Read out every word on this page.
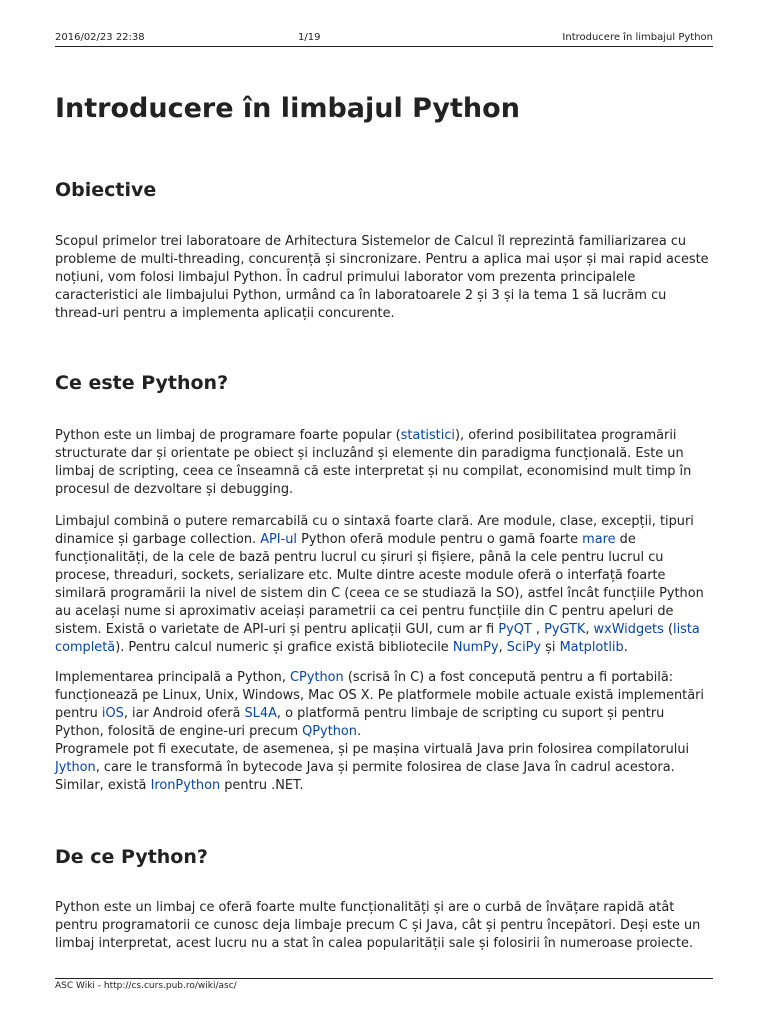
2016/02/23 22:38	1/19	Introducere în limbajul Python
Introducere în limbajul Python
Obiective

Scopul primelor trei laboratoare de Arhitectura Sistemelor de Calcul îl reprezintă familiarizarea cu probleme de multi-threading, concurență și sincronizare. Pentru a aplica mai ușor și mai rapid aceste noțiuni, vom folosi limbajul Python. În cadrul primului laborator vom prezenta principalele caracteristici ale limbajului Python, urmând ca în laboratoarele 2 și 3 și la tema 1 să lucrăm cu thread-uri pentru a implementa aplicații concurente.

Ce este Python?

Python este un limbaj de programare foarte popular (statistici), oferind posibilitatea programării structurate dar și orientate pe obiect și incluzând și elemente din paradigma funcțională. Este un limbaj de scripting, ceea ce înseamnă că este interpretat și nu compilat, economisind mult timp în procesul de dezvoltare și debugging.

Limbajul combină o putere remarcabilă cu o sintaxă foarte clară. Are module, clase, excepții, tipuri dinamice și garbage collection. API-ul Python oferă module pentru o gamă foarte mare de funcționalități, de la cele de bază pentru lucrul cu șiruri și fișiere, până la cele pentru lucrul cu procese, threaduri, sockets, serializare etc. Multe dintre aceste module oferă o interfață foarte similară programării la nivel de sistem din C (ceea ce se studiază la SO), astfel încât funcțiile Python au același nume si aproximativ aceiași parametrii ca cei pentru funcțiile din C pentru apeluri de sistem. Există o varietate de API-uri și pentru aplicații GUI, cum ar fi PyQT , PyGTK, wxWidgets (lista completă). Pentru calcul numeric și grafice există bibliotecile NumPy, SciPy și Matplotlib.

Implementarea principală a Python, CPython (scrisă în C) a fost concepută pentru a fi portabilă: funcționează pe Linux, Unix, Windows, Mac OS X. Pe platformele mobile actuale există implementări pentru iOS, iar Android oferă SL4A, o platformă pentru limbaje de scripting cu suport și pentru Python, folosită de engine-uri precum QPython.
Programele pot fi executate, de asemenea, și pe mașina virtuală Java prin folosirea compilatorului Jython, care le transformă în bytecode Java și permite folosirea de clase Java în cadrul acestora. Similar, există IronPython pentru .NET.

De ce Python?

Python este un limbaj ce oferă foarte multe funcționalități și are o curbă de învățare rapidă atât pentru programatorii ce cunosc deja limbaje precum C și Java, cât și pentru începători. Deși este un limbaj interpretat, acest lucru nu a stat în calea popularității sale și folosirii în numeroase proiecte.

ASC Wiki - http://cs.curs.pub.ro/wiki/asc/
